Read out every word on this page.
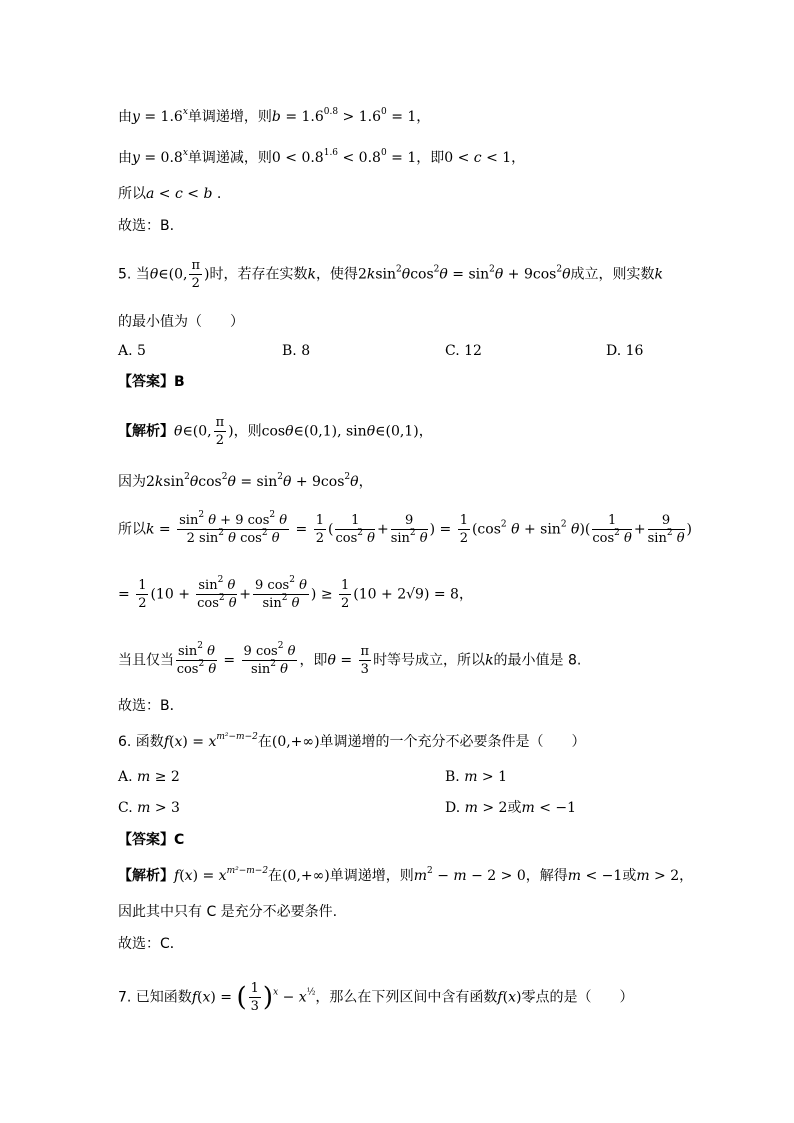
由$y = 1.6^x$单调递增，则$b = 1.6^{0.8} > 1.6^0 = 1$，
由$y = 0.8^x$单调递减，则$0 < 0.8^{1.6} < 0.8^0 = 1$，即0 < c < 1，
所以a < c < b .
故选：B.
5. 当θ∈(0, $\frac{\pi}{2}$ )时，若存在实数k，使得$2ksin^2\theta\cos^2\theta = \sin^2\theta + 9\cos^2\theta$成立，则实数k
的最小值为（　　）
A. 5	B. 8	C. 12	D. 16
【答案】B
【解析】θ∈(0, $\frac{\pi}{2}$ )，则cosθ∈(0,1), sinθ∈(0,1)，
因为$2ksin^2\theta\cos^2\theta = \sin^2\theta + 9\cos^2\theta$，
所以$k = \frac{\sin^2 \theta + 9 \cos^2 \theta}{2 \sin^2 \theta \cos^2 \theta} = \frac{1}{2}$ ( $\frac{1}{\cos^2 \theta} + \frac{9}{\sin^2 \theta}$ ) = $\frac{1}{2} (\cos^2$ $\theta + \sin^2 \theta)( \frac{1}{\cos^2 \theta} + \frac{9}{\sin^2 \theta}$ )
= $\frac{1}{2} (10 + \frac{\sin^2 \theta}{\cos^2 \theta} + \frac{9 \cos^2 \theta}{\sin^2 \theta}$ ) ≥ $\frac{1}{2} (10 + 2√9) = 8$，
当且仅当 $\frac{\sin^2 \theta}{\cos^2 \theta} = \frac{9 \cos^2 \theta}{\sin^2 \theta}$ ，即$\theta = \frac{\pi}{3}$ 时等号成立，所以k的最小值是 8.
故选：B．
6. 函数$f(x) = x^{m^2-m-2}$在(0,+∞)单调递增的一个充分不必要条件是（　　）
A. m ≥ 2	B. m > 1
C. m > 3	D. m > 2或m < −1
【答案】C
【解析】$f(x) = x^{m^2-m-2}$在(0,+∞)单调递增，则$m^2 - m - 2 > 0$，解得m < −1或m > 2，
因此其中只有 C 是充分不必要条件.
故选：C．
7. 已知函数f(x) = ( $\frac{1}{3} )^x - x^{\frac{1}{2}}$，那么在下列区间中含有函数f(x)零点的是（　　）
